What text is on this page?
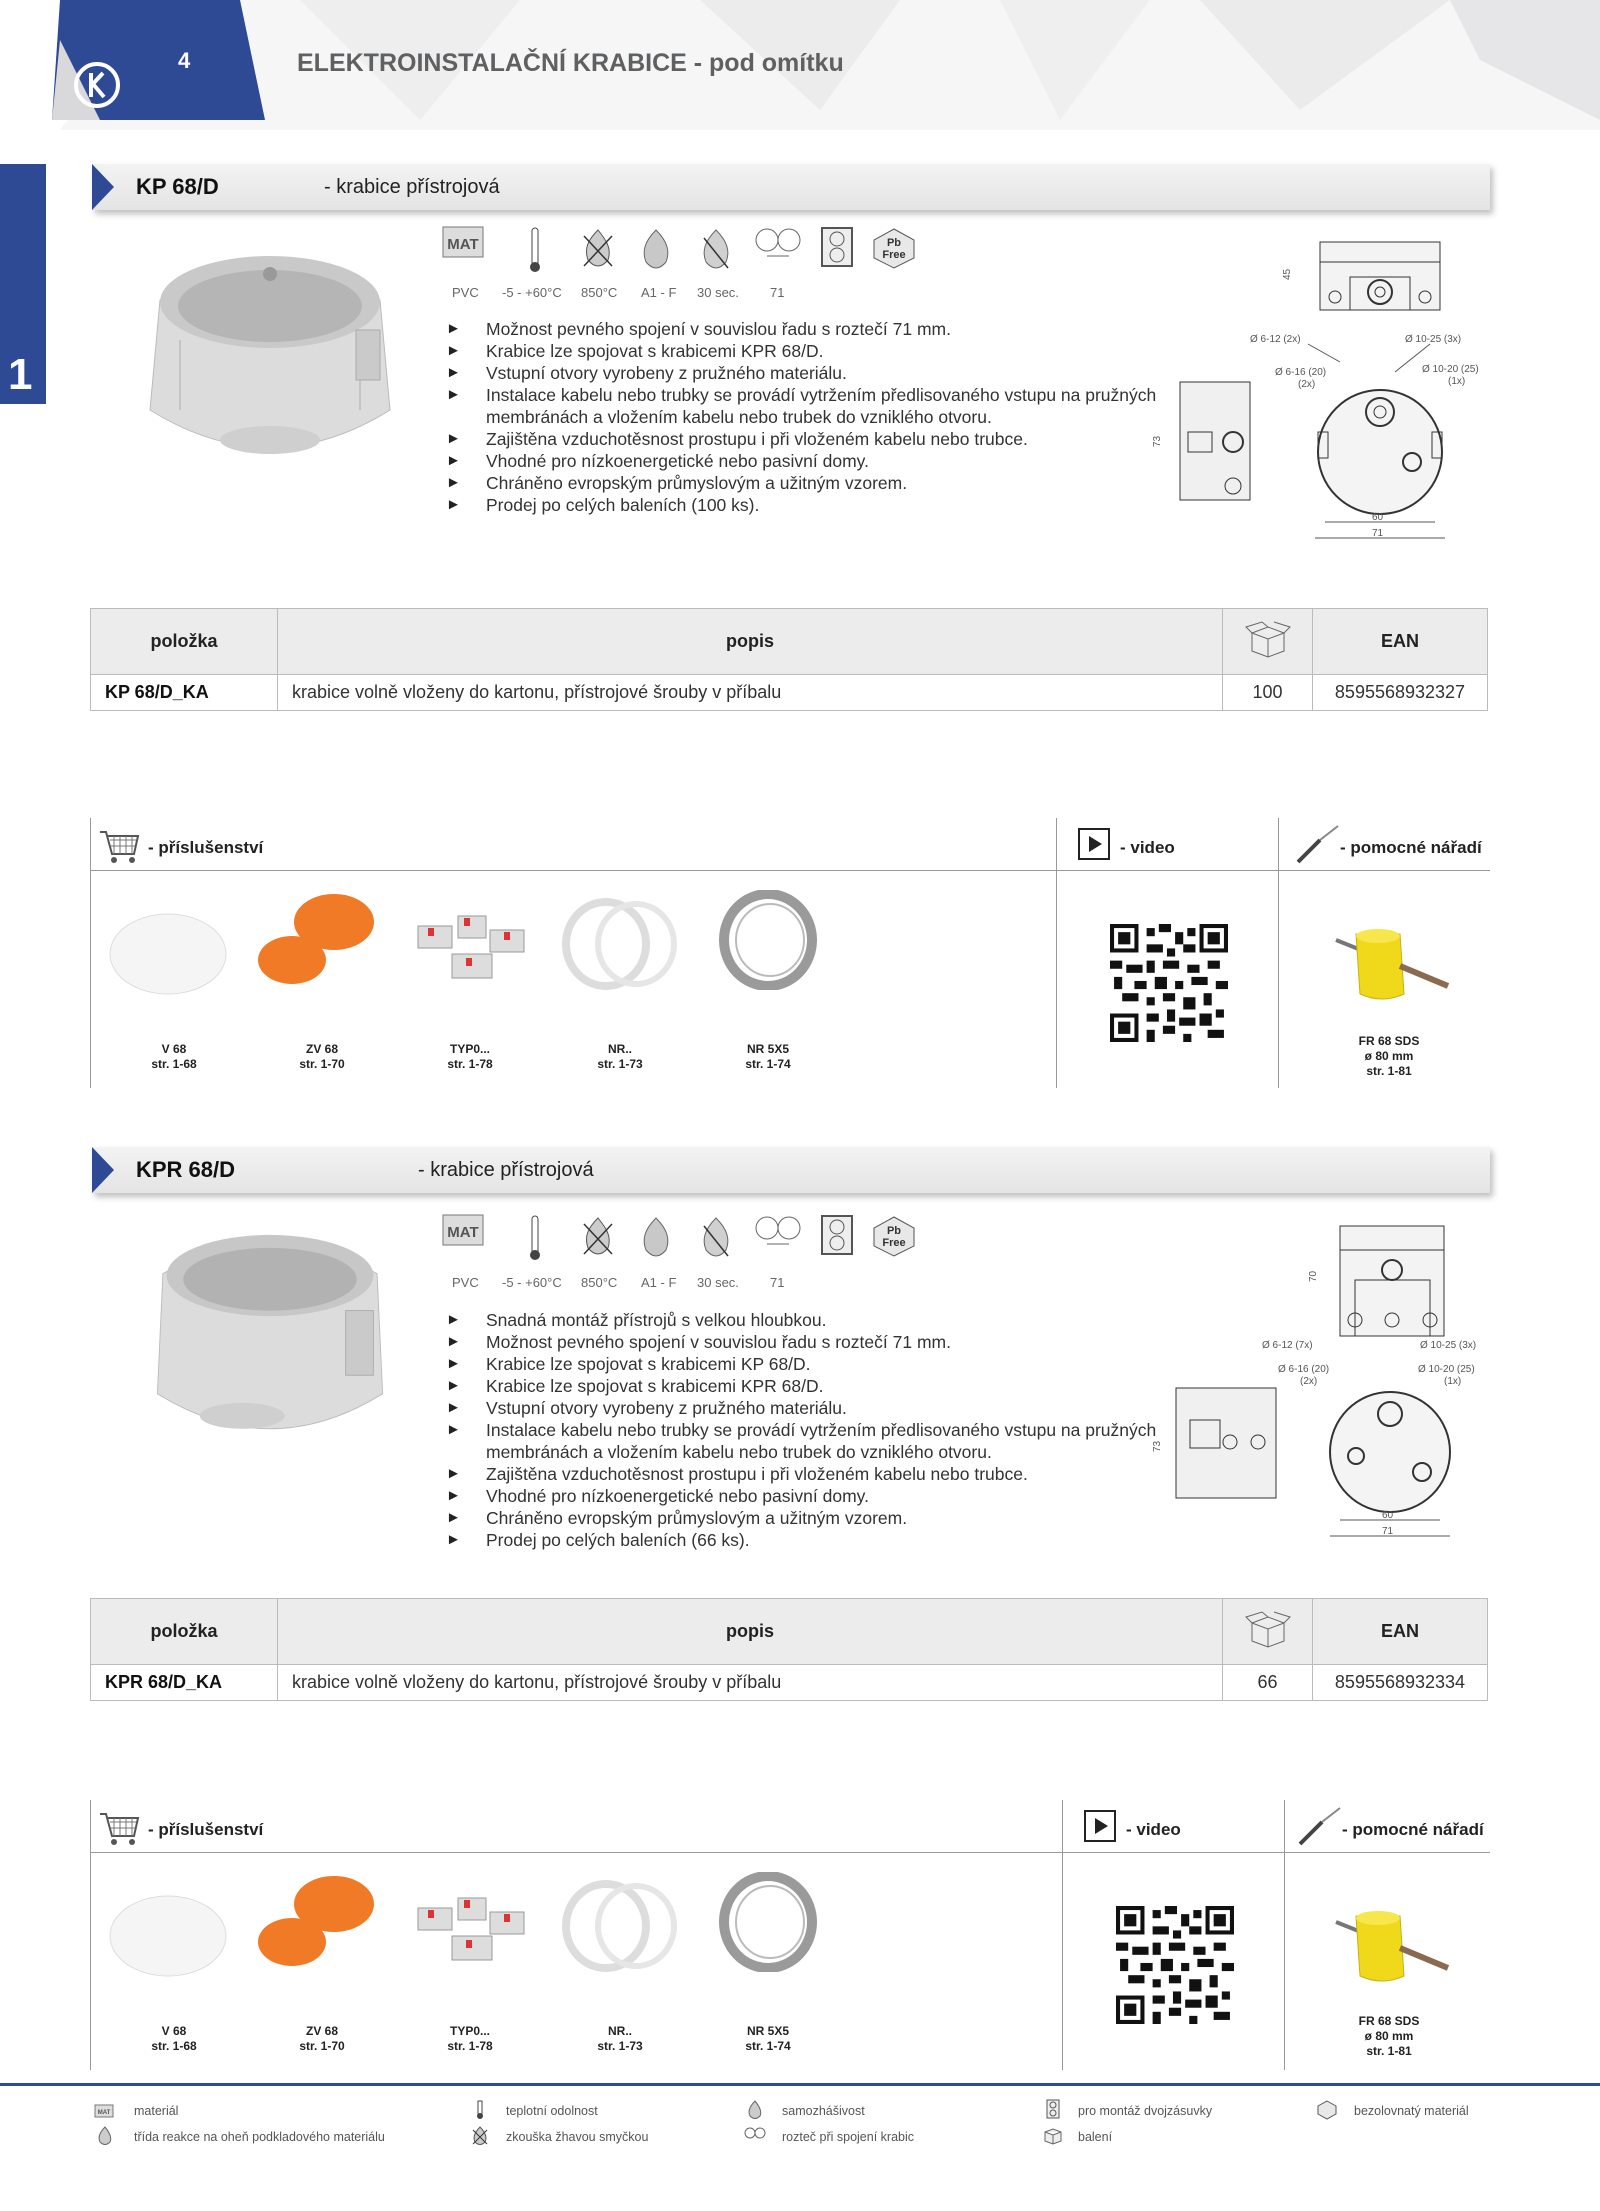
4	ELEKTROINSTALAČNÍ KRABICE - pod omítku
1
KP 68/D	- krabice přístrojová
MAT	Pb
Free
PVC -5 - +60°C 850°C A1 - F 30 sec. 71
► Možnost pevného spojení v souvislou řadu s roztečí 71 mm.
► Krabice lze spojovat s krabicemi KPR 68/D.
► Vstupní otvory vyrobeny z pružného materiálu.
► Instalace kabelu nebo trubky se provádí vytržením předlisovaného vstupu na pružných membránách a vložením kabelu nebo trubek do vzniklého otvoru.
► Zajištěna vzduchotěsnost prostupu i při vloženém kabelu nebo trubce.
► Vhodné pro nízkoenergetické nebo pasivní domy.
► Chráněno evropským průmyslovým a užitným vzorem.
► Prodej po celých baleních (100 ks).
45
Ø 6-12 (2x)	Ø 10-25 (3x)
Ø 6-16 (20)
(2x)
Ø 10-20 (25)
(1x)
73
60
71
položka	popis		EAN
KP 68/D_KA	krabice volně vloženy do kartonu, přístrojové šrouby v příbalu	100	8595568932327
- příslušenství	- video	- pomocné nářadí
V 68
str. 1-68
ZV 68
str. 1-70
TYP0...
str. 1-78
NR..
str. 1-73
NR 5X5
str. 1-74
FR 68 SDS
ø 80 mm
str. 1-81
KPR 68/D	- krabice přístrojová
MAT	Pb
Free
PVC -5 - +60°C 850°C A1 - F 30 sec. 71
► Snadná montáž přístrojů s velkou hloubkou.
► Možnost pevného spojení v souvislou řadu s roztečí 71 mm.
► Krabice lze spojovat s krabicemi KP 68/D.
► Krabice lze spojovat s krabicemi KPR 68/D.
► Vstupní otvory vyrobeny z pružného materiálu.
► Instalace kabelu nebo trubky se provádí vytržením předlisovaného vstupu na pružných membránách a vložením kabelu nebo trubek do vzniklého otvoru.
► Zajištěna vzduchotěsnost prostupu i při vloženém kabelu nebo trubce.
► Vhodné pro nízkoenergetické nebo pasivní domy.
► Chráněno evropským průmyslovým a užitným vzorem.
► Prodej po celých baleních (66 ks).
70
Ø 6-12 (7x)	Ø 10-25 (3x)
Ø 6-16 (20)
(2x)
Ø 10-20 (25)
(1x)
73
60
71
položka	popis		EAN
KPR 68/D_KA	krabice volně vloženy do kartonu, přístrojové šrouby v příbalu	66	8595568932334
- příslušenství	- video	- pomocné nářadí
V 68
str. 1-68
ZV 68
str. 1-70
TYP0...
str. 1-78
NR..
str. 1-73
NR 5X5
str. 1-74
FR 68 SDS
ø 80 mm
str. 1-81
MAT materiál	teplotní odolnost	samozhášivost	pro montáž dvojzásuvky	bezolovnatý materiál
třída reakce na oheň podkladového materiálu	zkouška žhavou smyčkou	rozteč při spojení krabic	balení
